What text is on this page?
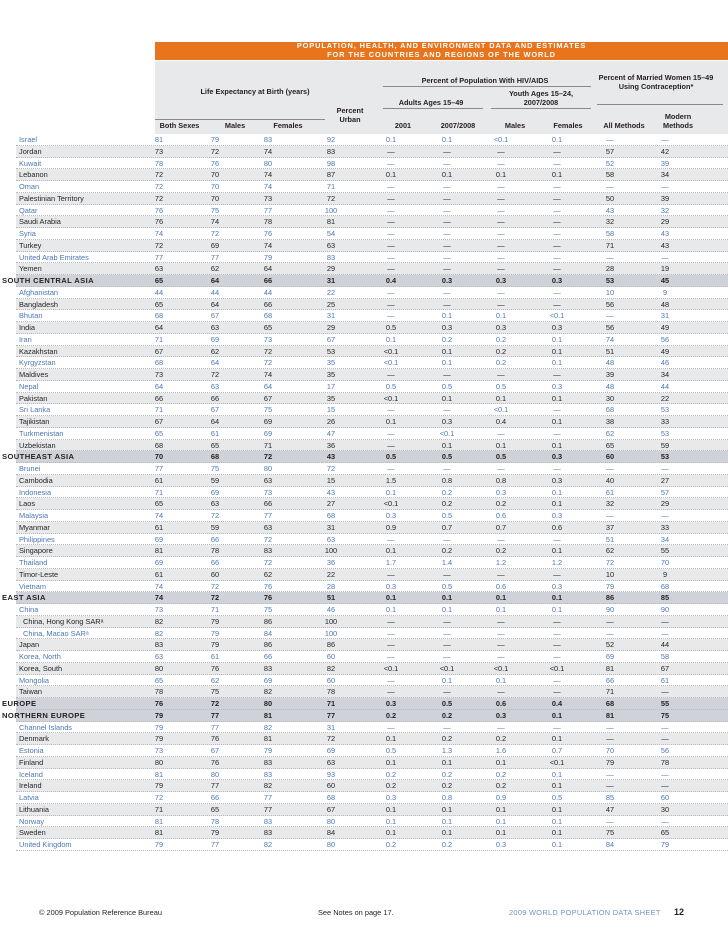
POPULATION, HEALTH, AND ENVIRONMENT DATA AND ESTIMATES
FOR THE COUNTRIES AND REGIONS OF THE WORLD
Life Expectancy at Birth (years)
Percent Urban
Percent of Population With HIV/AIDS
Adults Ages 15–49
Youth Ages 15–24, 2007/2008
Percent of Married Women 15–49 Using Contraception*
Both Sexes	Males	Females	2001	2007/2008	Males	Females	All Methods
Modern Methods
Israel	81	79	83	92	0.1	0.1	<0.1	0.1	—	—
Jordan	73	72	74	83	—	—	—	—	57	42
Kuwait	78	76	80	98	—	—	—	—	52	39
Lebanon	72	70	74	87	0.1	0.1	0.1	0.1	58	34
Oman	72	70	74	71	—	—	—	—	—	—
Palestinian Territory	72	70	73	72	—	—	—	—	50	39
Qatar	76	75	77	100	—	—	—	—	43	32
Saudi Arabia	76	74	78	81	—	—	—	—	32	29
Syria	74	72	76	54	—	—	—	—	58	43
Turkey	72	69	74	63	—	—	—	—	71	43
United Arab Emirates	77	77	79	83	—	—	—	—	—	—
Yemen	63	62	64	29	—	—	—	—	28	19
SOUTH CENTRAL ASIA	65	64	66	31	0.4	0.3	0.3	0.3	53	45
Afghanistan	44	44	44	22	—	—	—	—	10	9
Bangladesh	65	64	66	25	—	—	—	—	56	48
Bhutan	68	67	68	31	—	0.1	0.1	<0.1	—	31
India	64	63	65	29	0.5	0.3	0.3	0.3	56	49
Iran	71	69	73	67	0.1	0.2	0.2	0.1	74	56
Kazakhstan	67	62	72	53	<0.1	0.1	0.2	0.1	51	49
Kyrgyzstan	68	64	72	35	<0.1	0.1	0.2	0.1	48	46
Maldives	73	72	74	35	—	—	—	—	39	34
Nepal	64	63	64	17	0.5	0.5	0.5	0.3	48	44
Pakistan	66	66	67	35	<0.1	0.1	0.1	0.1	30	22
Sri Lanka	71	67	75	15	—	—	<0.1	—	68	53
Tajikistan	67	64	69	26	0.1	0.3	0.4	0.1	38	33
Turkmenistan	65	61	69	47	—	<0.1	—	—	62	53
Uzbekistan	68	65	71	36	—	0.1	0.1	0.1	65	59
SOUTHEAST ASIA	70	68	72	43	0.5	0.5	0.5	0.3	60	53
Brunei	77	75	80	72	—	—	—	—	—	—
Cambodia	61	59	63	15	1.5	0.8	0.8	0.3	40	27
Indonesia	71	69	73	43	0.1	0.2	0.3	0.1	61	57
Laos	65	63	66	27	<0.1	0.2	0.2	0.1	32	29
Malaysia	74	72	77	68	0.3	0.5	0.6	0.3	—	—
Myanmar	61	59	63	31	0.9	0.7	0.7	0.6	37	33
Philippines	69	66	72	63	—	—	—	—	51	34
Singapore	81	78	83	100	0.1	0.2	0.2	0.1	62	55
Thailand	69	66	72	36	1.7	1.4	1.2	1.2	72	70
Timor-Leste	61	60	62	22	—	—	—	—	10	9
Vietnam	74	72	76	28	0.3	0.5	0.6	0.3	79	68
EAST ASIA	74	72	76	51	0.1	0.1	0.1	0.1	86	85
China	73	71	75	46	0.1	0.1	0.1	0.1	90	90
China, Hong Kong SARᵃ	82	79	86	100	—	—	—	—	—	—
China, Macao SARᵃ	82	79	84	100	—	—	—	—	—	—
Japan	83	79	86	86	—	—	—	—	52	44
Korea, North	63	61	66	60	—	—	—	—	69	58
Korea, South	80	76	83	82	<0.1	<0.1	<0.1	<0.1	81	67
Mongolia	65	62	69	60	—	0.1	0.1	—	66	61
Taiwan	78	75	82	78	—	—	—	—	71	—
EUROPE	76	72	80	71	0.3	0.5	0.6	0.4	68	55
NORTHERN EUROPE	79	77	81	77	0.2	0.2	0.3	0.1	81	75
Channel Islands	79	77	82	31	—	—	—	—	—	—
Denmark	79	76	81	72	0.1	0.2	0.2	0.1	—	—
Estonia	73	67	79	69	0.5	1.3	1.6	0.7	70	56
Finland	80	76	83	63	0.1	0.1	0.1	<0.1	79	78
Iceland	81	80	83	93	0.2	0.2	0.2	0.1	—	—
Ireland	79	77	82	60	0.2	0.2	0.2	0.1	—	—
Latvia	72	66	77	68	0.3	0.8	0.9	0.5	85	60
Lithuania	71	65	77	67	0.1	0.1	0.1	0.1	47	30
Norway	81	78	83	80	0.1	0.1	0.1	0.1	—	—
Sweden	81	79	83	84	0.1	0.1	0.1	0.1	75	65
United Kingdom	79	77	82	80	0.2	0.2	0.3	0.1	84	79
© 2009 Population Reference Bureau	See Notes on page 17.	2009 WORLD POPULATION DATA SHEET 12
